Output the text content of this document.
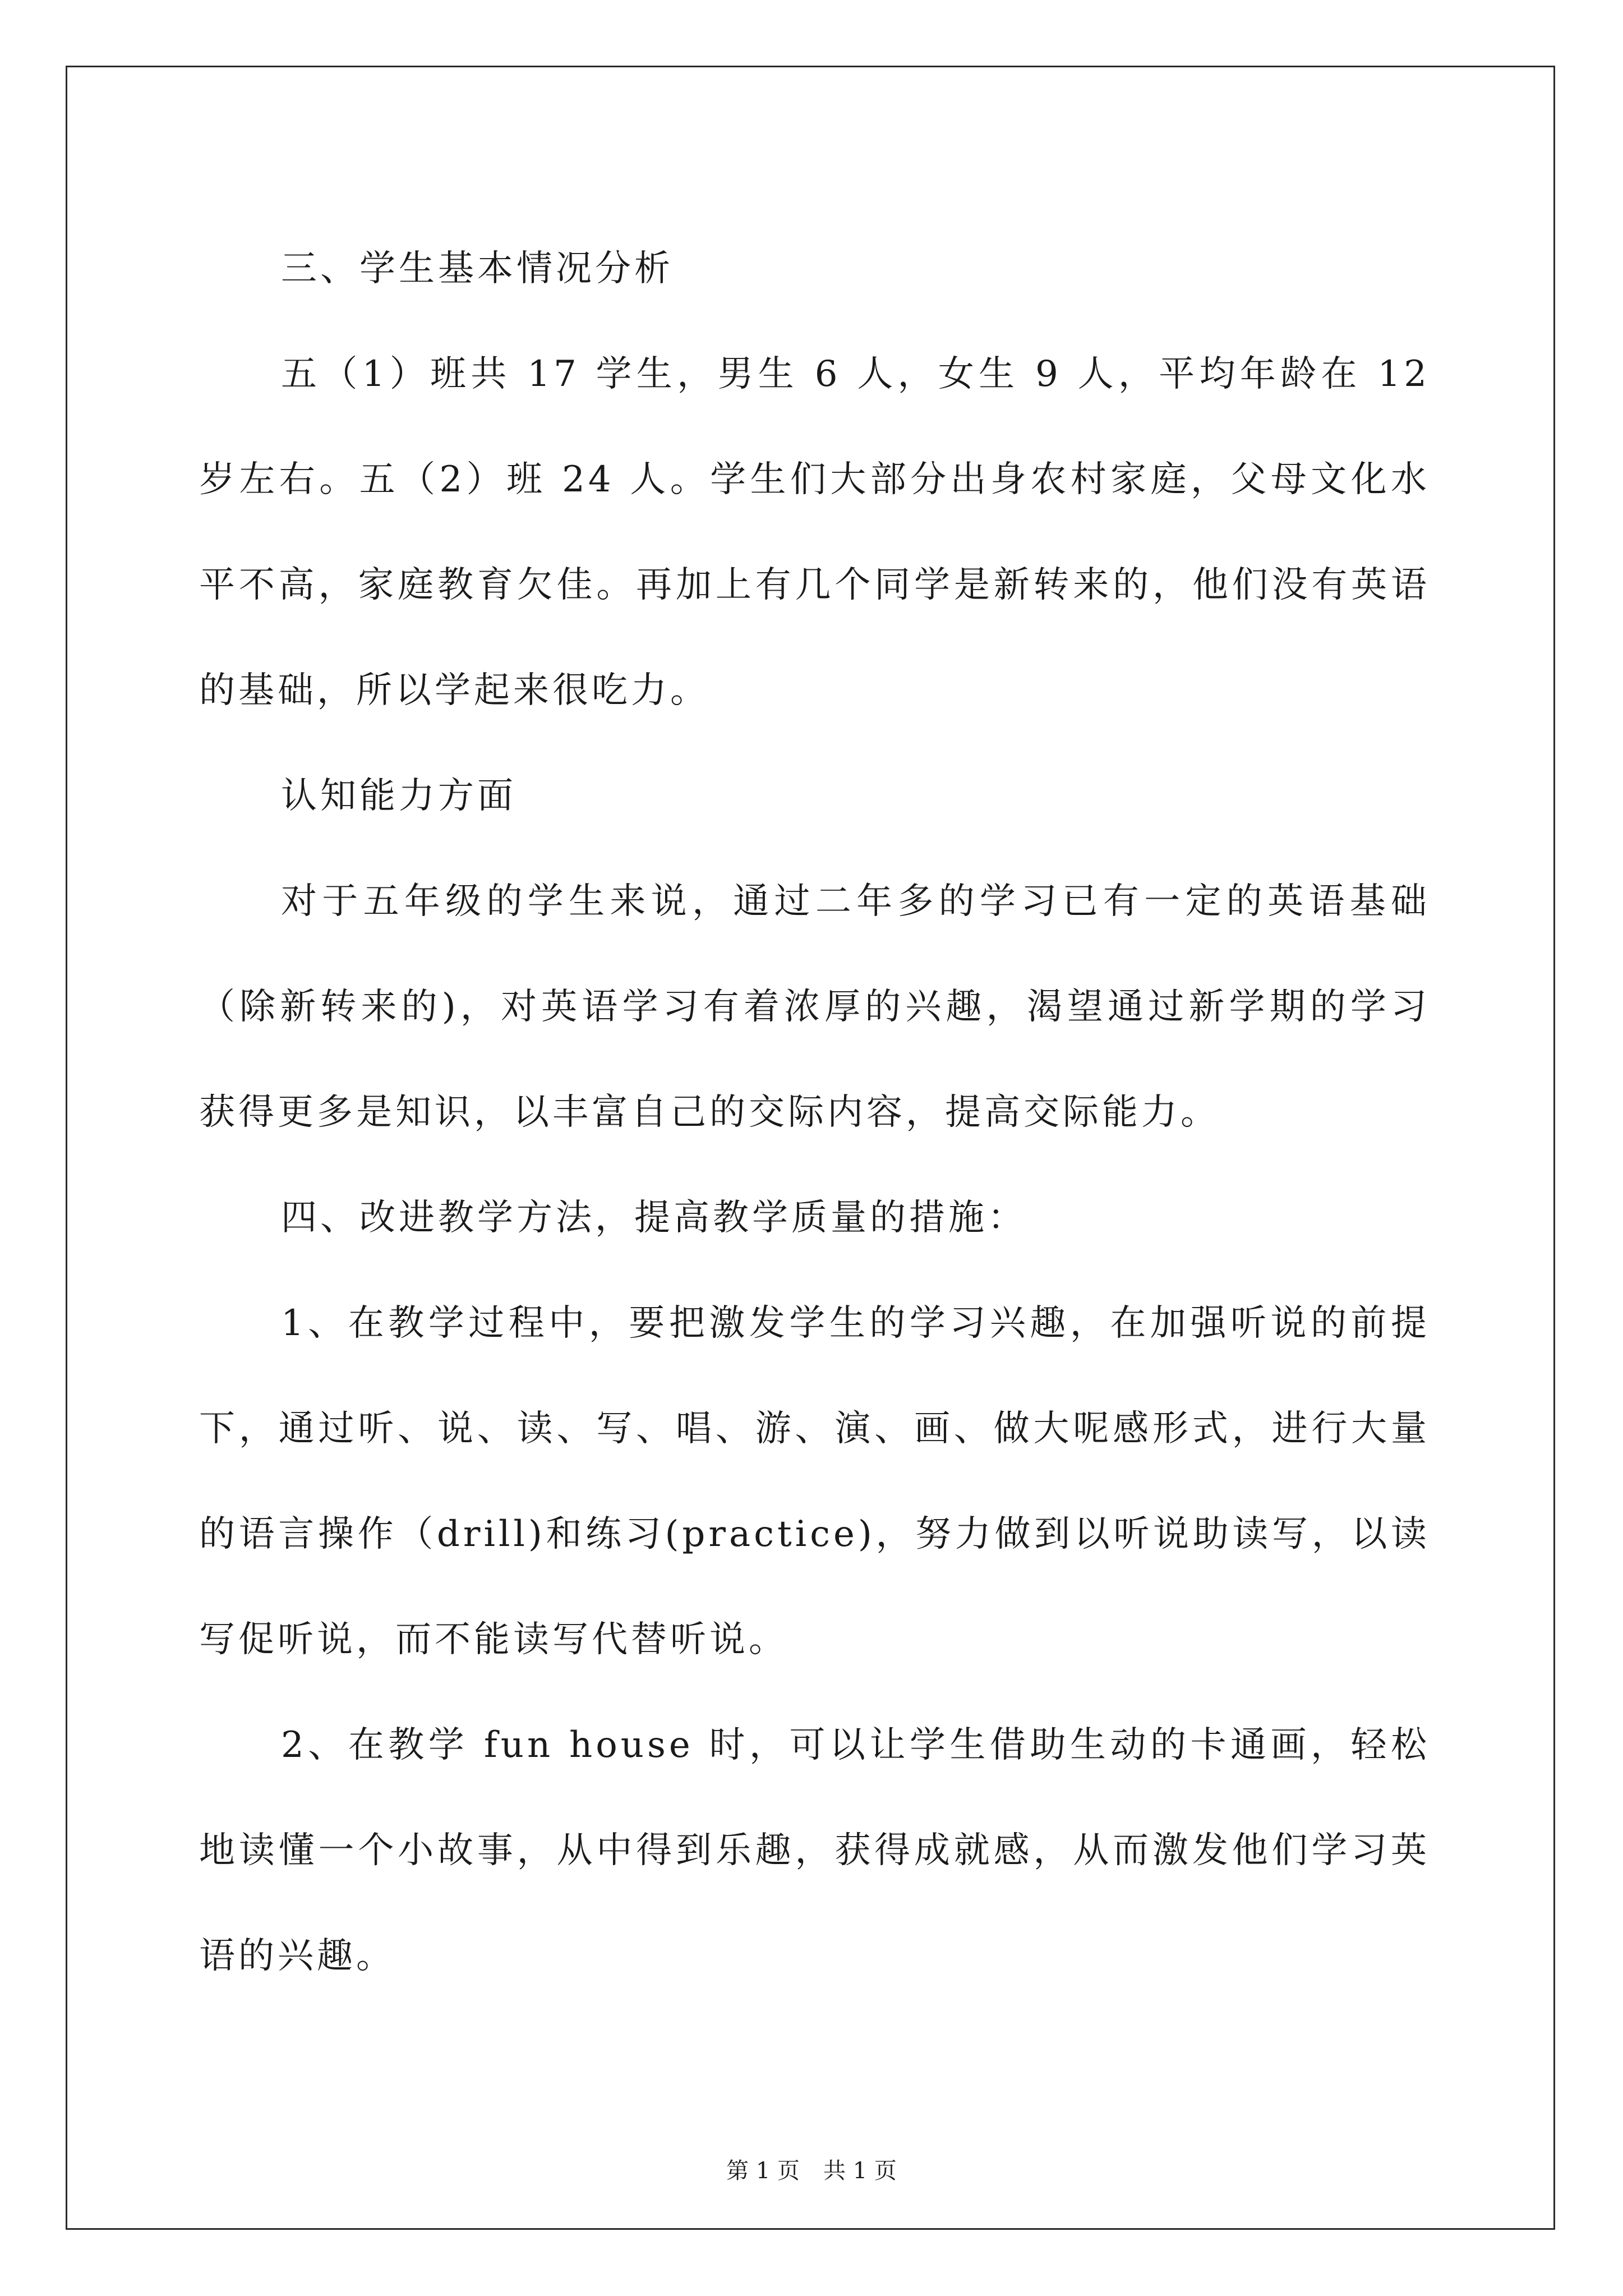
三、学生基本情况分析

五（1）班共 17 学生，男生 6 人，女生 9 人，平均年龄在 12 岁左右。五（2）班 24 人。学生们大部分出身农村家庭，父母文化水平不高，家庭教育欠佳。再加上有几个同学是新转来的，他们没有英语的基础，所以学起来很吃力。

认知能力方面

对于五年级的学生来说，通过二年多的学习已有一定的英语基础（除新转来的)，对英语学习有着浓厚的兴趣，渴望通过新学期的学习获得更多是知识，以丰富自己的交际内容，提高交际能力。

四、改进教学方法，提高教学质量的措施：

1、在教学过程中，要把激发学生的学习兴趣，在加强听说的前提下，通过听、说、读、写、唱、游、演、画、做大呢感形式，进行大量的语言操作（drill)和练习(practice)，努力做到以听说助读写，以读写促听说，而不能读写代替听说。

2、在教学 fun house 时，可以让学生借助生动的卡通画，轻松地读懂一个小故事，从中得到乐趣，获得成就感，从而激发他们学习英语的兴趣。

第 1 页 共 1 页
